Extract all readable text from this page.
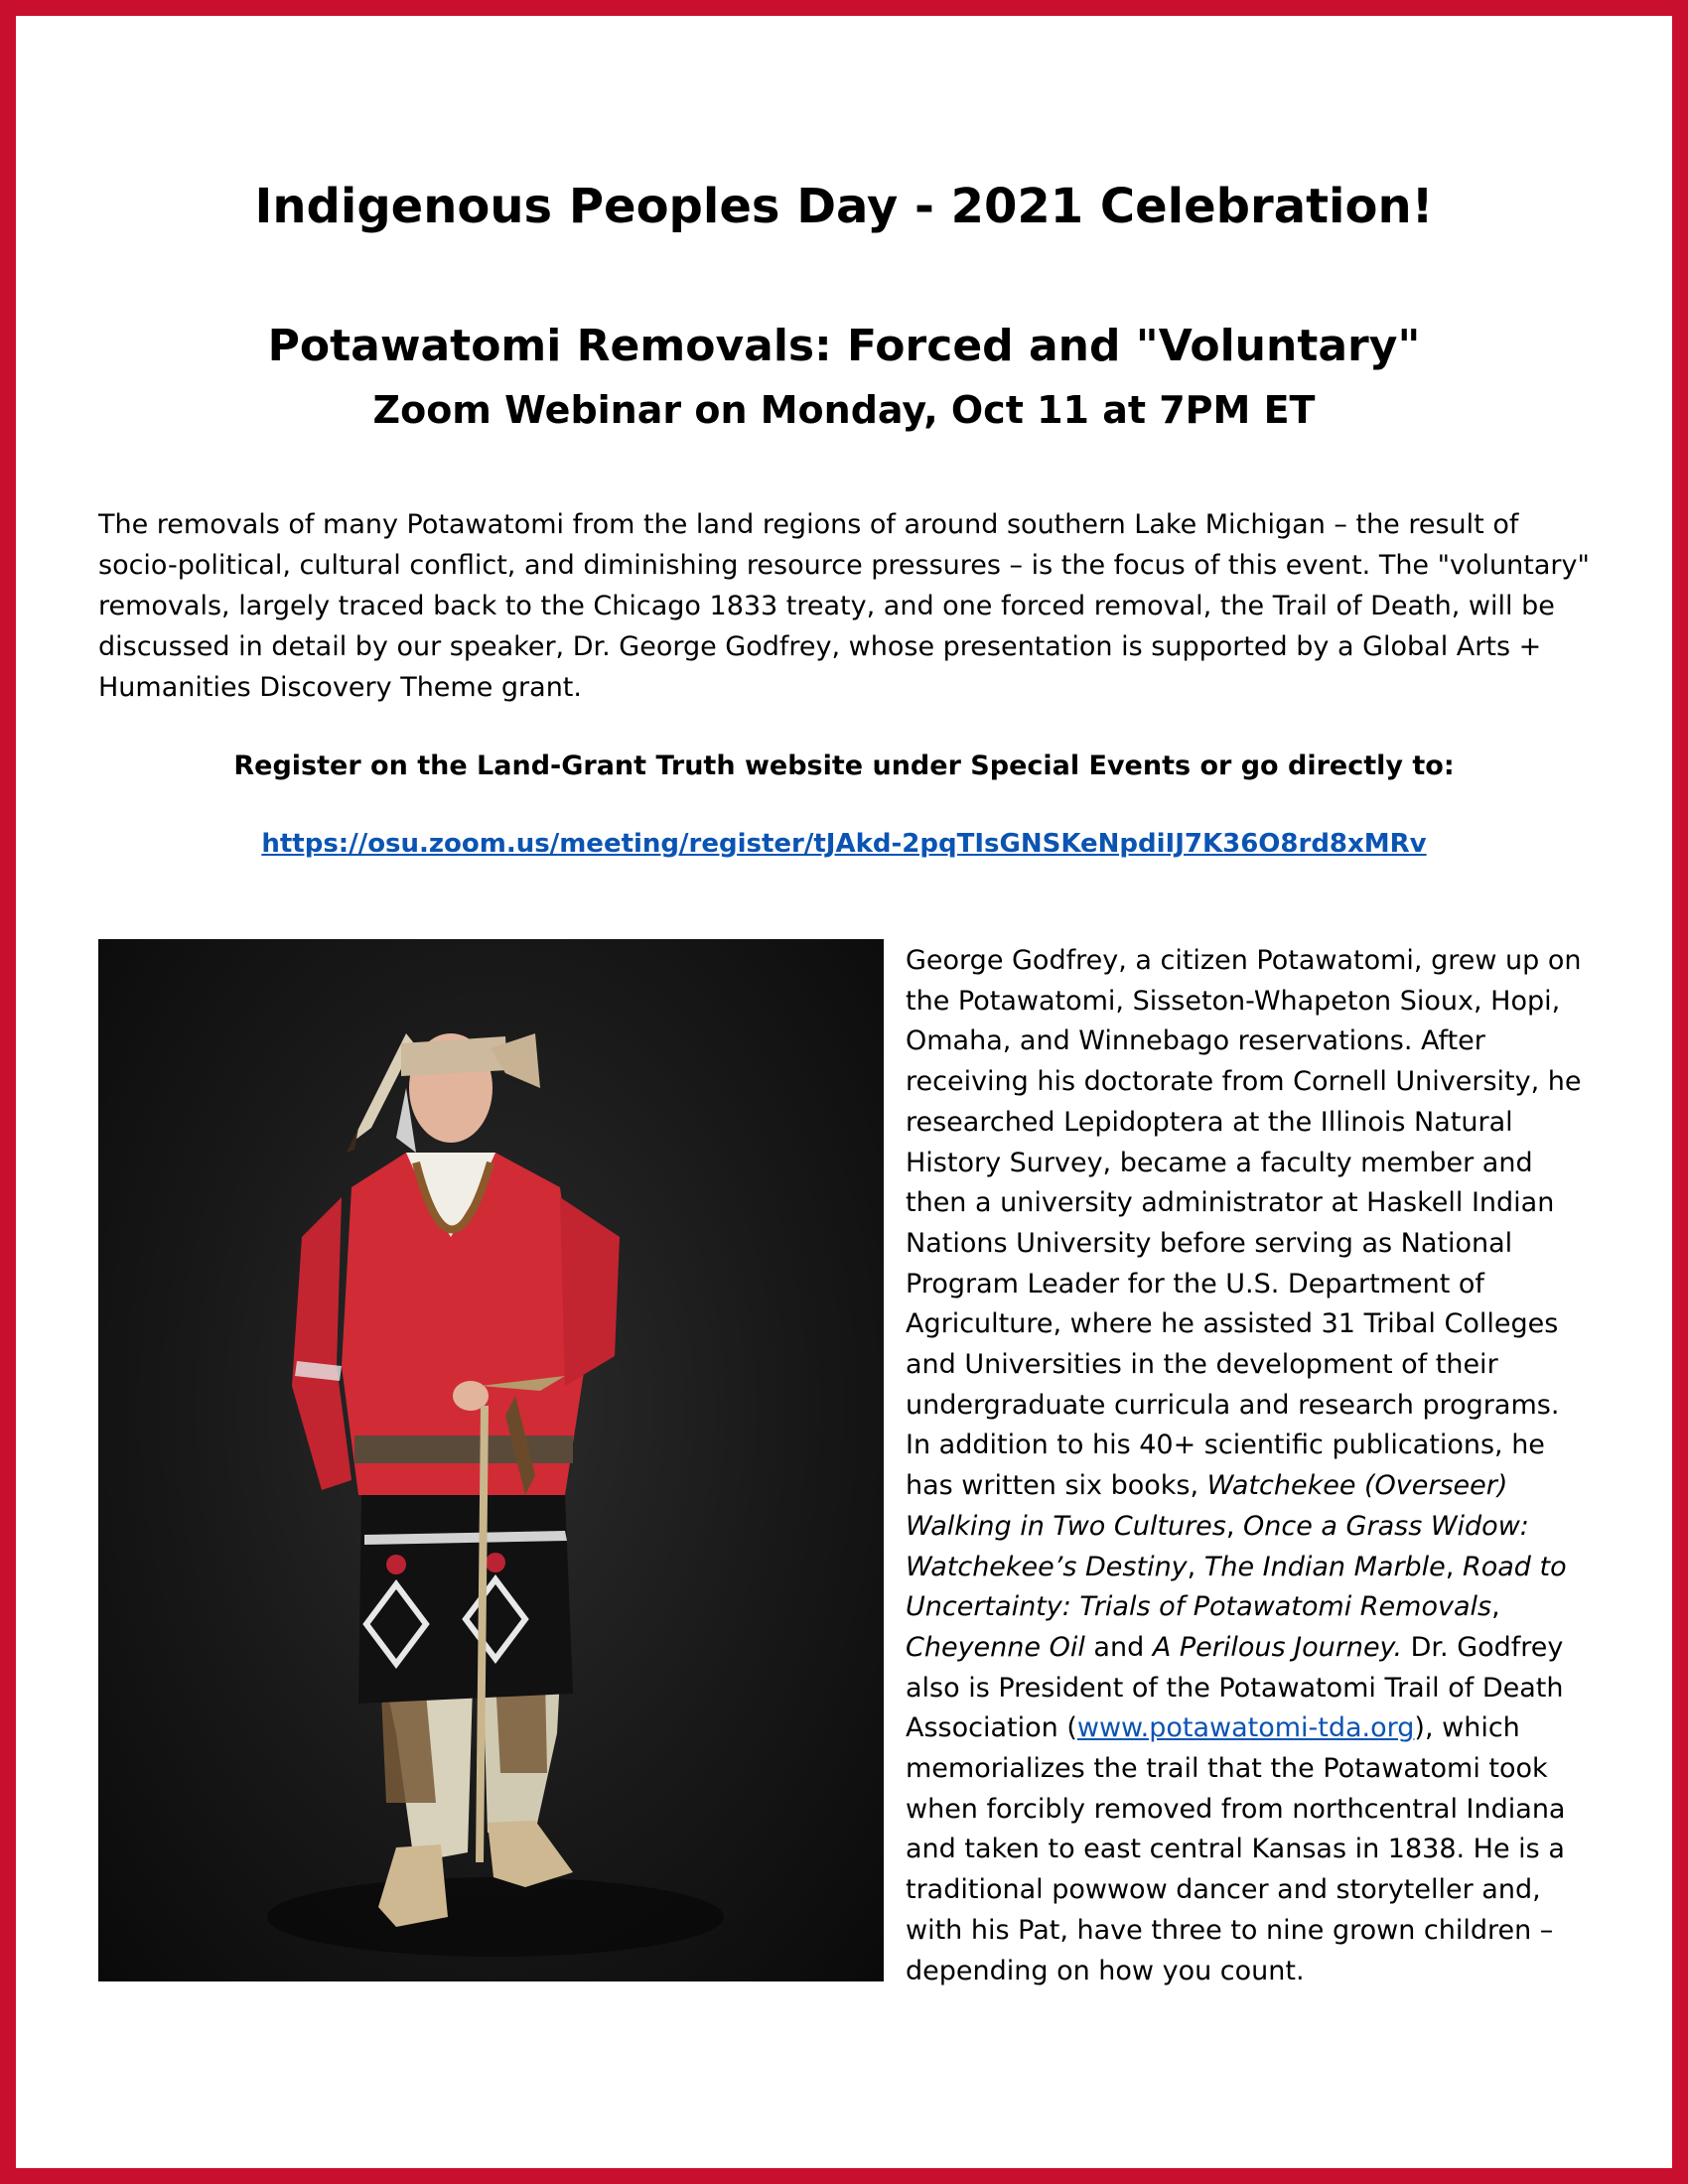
Indigenous Peoples Day - 2021 Celebration!
Potawatomi Removals: Forced and "Voluntary"
Zoom Webinar on Monday, Oct 11 at 7PM ET
The removals of many Potawatomi from the land regions of around southern Lake Michigan – the result of socio-political, cultural conflict, and diminishing resource pressures – is the focus of this event. The "voluntary" removals, largely traced back to the Chicago 1833 treaty, and one forced removal, the Trail of Death, will be discussed in detail by our speaker, Dr. George Godfrey, whose presentation is supported by a Global Arts + Humanities Discovery Theme grant.
Register on the Land-Grant Truth website under Special Events or go directly to:
https://osu.zoom.us/meeting/register/tJAkd-2pqTIsGNSKeNpdiIJ7K36O8rd8xMRv
George Godfrey, a citizen Potawatomi, grew up on the Potawatomi, Sisseton-Whapeton Sioux, Hopi, Omaha, and Winnebago reservations. After receiving his doctorate from Cornell University, he researched Lepidoptera at the Illinois Natural History Survey, became a faculty member and then a university administrator at Haskell Indian Nations University before serving as National Program Leader for the U.S. Department of Agriculture, where he assisted 31 Tribal Colleges and Universities in the development of their undergraduate curricula and research programs. In addition to his 40+ scientific publications, he has written six books, Watchekee (Overseer) Walking in Two Cultures, Once a Grass Widow: Watchekee’s Destiny, The Indian Marble, Road to Uncertainty: Trials of Potawatomi Removals, Cheyenne Oil and A Perilous Journey. Dr. Godfrey also is President of the Potawatomi Trail of Death Association (www.potawatomi-tda.org), which memorializes the trail that the Potawatomi took when forcibly removed from northcentral Indiana and taken to east central Kansas in 1838. He is a traditional powwow dancer and storyteller and, with his Pat, have three to nine grown children – depending on how you count.
